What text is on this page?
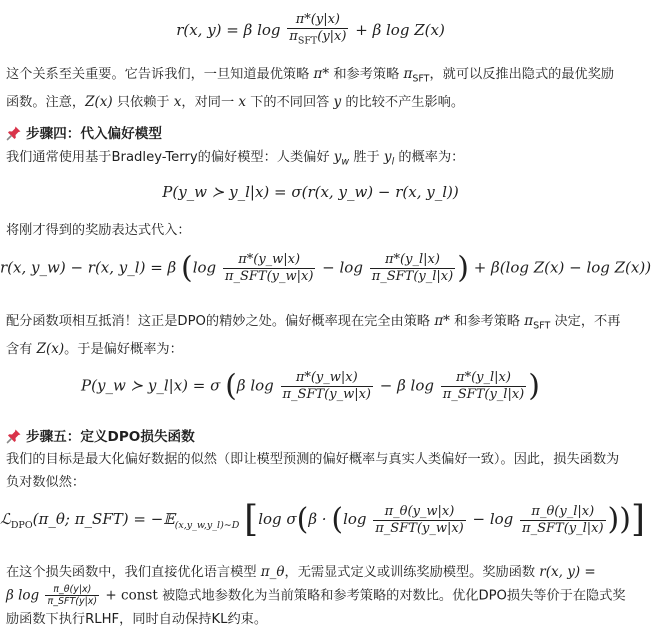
r(x, y) = β $\log \frac{\pi*(y|x)}{\pi_{SFT}(y|x)} + \beta$ log Z(x)
这个关系至关重要。它告诉我们，一旦知道最优策略 π* 和参考策略 $\pi_{SFT}$，就可以反推出隐式的最优奖励
函数。注意，Z(x) 只依赖于 x，对同一 x 下的不同回答 y 的比较不产生影响。
步骤四：代入偏好模型
我们通常使用基于Bradley-Terry的偏好模型：人类偏好 $y_w$ 胜于 $y_l$ 的概率为：
P(y_w ≻ y_l|x) = σ(r(x, y_w) − r(x, y_l))
将刚才得到的奖励表达式代入：
r(x, y_w) − r(x, y_l) = β ($\log \frac{\pi*(y\_w|x)}{\text{π\_SFT(y\_w|x)}} - \log \frac{\pi*(y\_l|x)}{\text{π\_SFT(y\_l|x)}}$ ) + β(log Z(x) − log Z(x))
配分函数项相互抵消！这正是DPO的精妙之处。偏好概率现在完全由策略 π* 和参考策略 $\pi_{SFT}$ 决定，不再
含有 Z(x)。于是偏好概率为：
P(y_w ≻ y_l|x) = σ (β $\log \frac{\pi*(y\_w|x)}{\text{π\_SFT(y\_w|x)}} - \beta$ $\log \frac{\pi*(y\_l|x)}{\text{π\_SFT(y\_l|x)}}$ )
步骤五：定义DPO损失函数
我们的目标是最大化偏好数据的似然（即让模型预测的偏好概率与真实人类偏好一致）。因此，损失函数为
负对数似然：
ℒ$_{DPO}$(π_θ; π_SFT) = −𝔼$_{(x,y\_w,y\_l)\sim D}$ [log $\sigma(\beta \cdot (\log \frac{\pi\_\theta(y\_w|x)}{\text{π\_SFT(y\_w|x)}} - \log \frac{\pi\_\theta(y\_l|x)}{\text{π\_SFT(y\_l|x)}}$ ))]
在这个损失函数中，我们直接优化语言模型 π_θ，无需显式定义或训练奖励模型。奖励函数 r(x, y) =
β $\log \frac{\pi\_\theta(y|x)}{\text{π\_SFT(y|x)}}$ + const 被隐式地参数化为当前策略和参考策略的对数比。优化DPO损失等价于在隐式奖
励函数下执行RLHF，同时自动保持KL约束。
